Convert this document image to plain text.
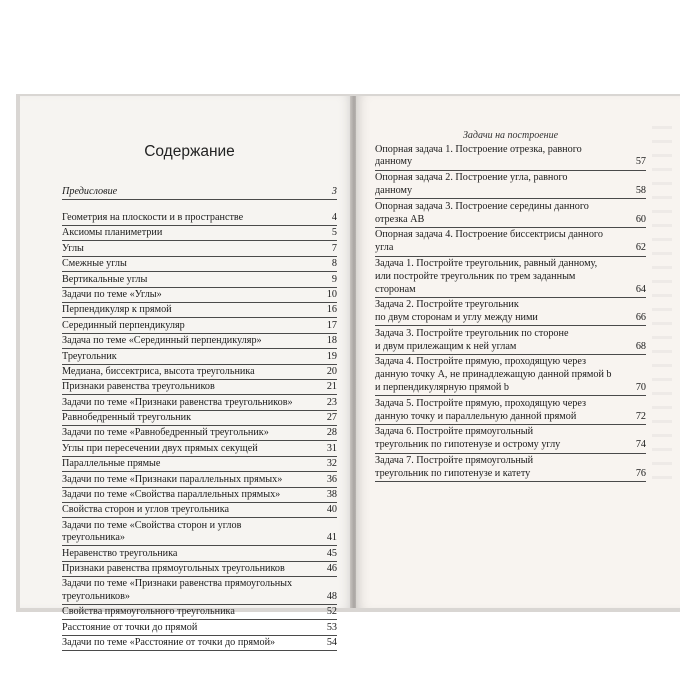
Содержание
Предисловие	3
Геометрия на плоскости и в пространстве	4
Аксиомы планиметрии	5
Углы	7
Смежные углы	8
Вертикальные углы	9
Задачи по теме «Углы»	10
Перпендикуляр к прямой	16
Серединный перпендикуляр	17
Задача по теме «Серединный перпендикуляр»	18
Треугольник	19
Медиана, биссектриса, высота треугольника	20
Признаки равенства треугольников	21
Задачи по теме «Признаки равенства треугольников»	23
Равнобедренный треугольник	27
Задачи по теме «Равнобедренный треугольник»	28
Углы при пересечении двух прямых секущей	31
Параллельные прямые	32
Задачи по теме «Признаки параллельных прямых»	36
Задачи по теме «Свойства параллельных прямых»	38
Свойства сторон и углов треугольника	40
Задачи по теме «Свойства сторон и углов
треугольника»	41
Неравенство треугольника	45
Признаки равенства прямоугольных треугольников	46
Задачи по теме «Признаки равенства прямоугольных
треугольников»	48
Свойства прямоугольного треугольника	52
Расстояние от точки до прямой	53
Задачи по теме «Расстояние от точки до прямой»	54
Задачи на построение
Опорная задача 1. Построение отрезка, равного
данному	57
Опорная задача 2. Построение угла, равного
данному	58
Опорная задача 3. Построение середины данного
отрезка AB	60
Опорная задача 4. Построение биссектрисы данного
угла	62
Задача 1. Постройте треугольник, равный данному,
или постройте треугольник по трем заданным
сторонам	64
Задача 2. Постройте треугольник
по двум сторонам и углу между ними	66
Задача 3. Постройте треугольник по стороне
и двум прилежащим к ней углам	68
Задача 4. Постройте прямую, проходящую через
данную точку A, не принадлежащую данной прямой b
и перпендикулярную прямой b	70
Задача 5. Постройте прямую, проходящую через
данную точку и параллельную данной прямой	72
Задача 6. Постройте прямоугольный
треугольник по гипотенузе и острому углу	74
Задача 7. Постройте прямоугольный
треугольник по гипотенузе и катету	76
